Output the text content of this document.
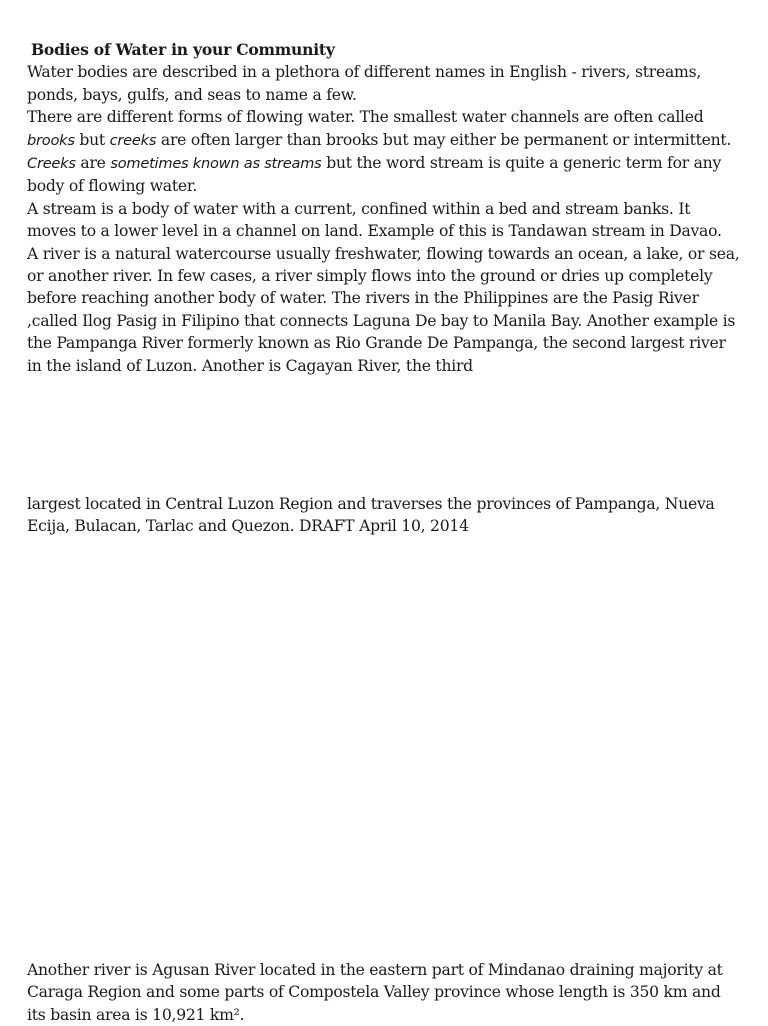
Bodies of Water in your Community

Water bodies are described in a plethora of different names in English - rivers, streams, ponds, bays, gulfs, and seas to name a few.

There are different forms of flowing water. The smallest water channels are often called brooks but creeks are often larger than brooks but may either be permanent or intermittent. Creeks are sometimes known as streams but the word stream is quite a generic term for any body of flowing water.

A stream is a body of water with a current, confined within a bed and stream banks. It moves to a lower level in a channel on land. Example of this is Tandawan stream in Davao.

A river is a natural watercourse usually freshwater, flowing towards an ocean, a lake, or sea, or another river. In few cases, a river simply flows into the ground or dries up completely before reaching another body of water. The rivers in the Philippines are the Pasig River ,called Ilog Pasig in Filipino that connects Laguna De bay to Manila Bay. Another example is the Pampanga River formerly known as Rio Grande De Pampanga, the second largest river in the island of Luzon. Another is Cagayan River, the third

largest located in Central Luzon Region and traverses the provinces of Pampanga, Nueva Ecija, Bulacan, Tarlac and Quezon. DRAFT April 10, 2014

Another river is Agusan River located in the eastern part of Mindanao draining majority at Caraga Region and some parts of Compostela Valley province whose length is 350 km and its basin area is 10,921 km².
